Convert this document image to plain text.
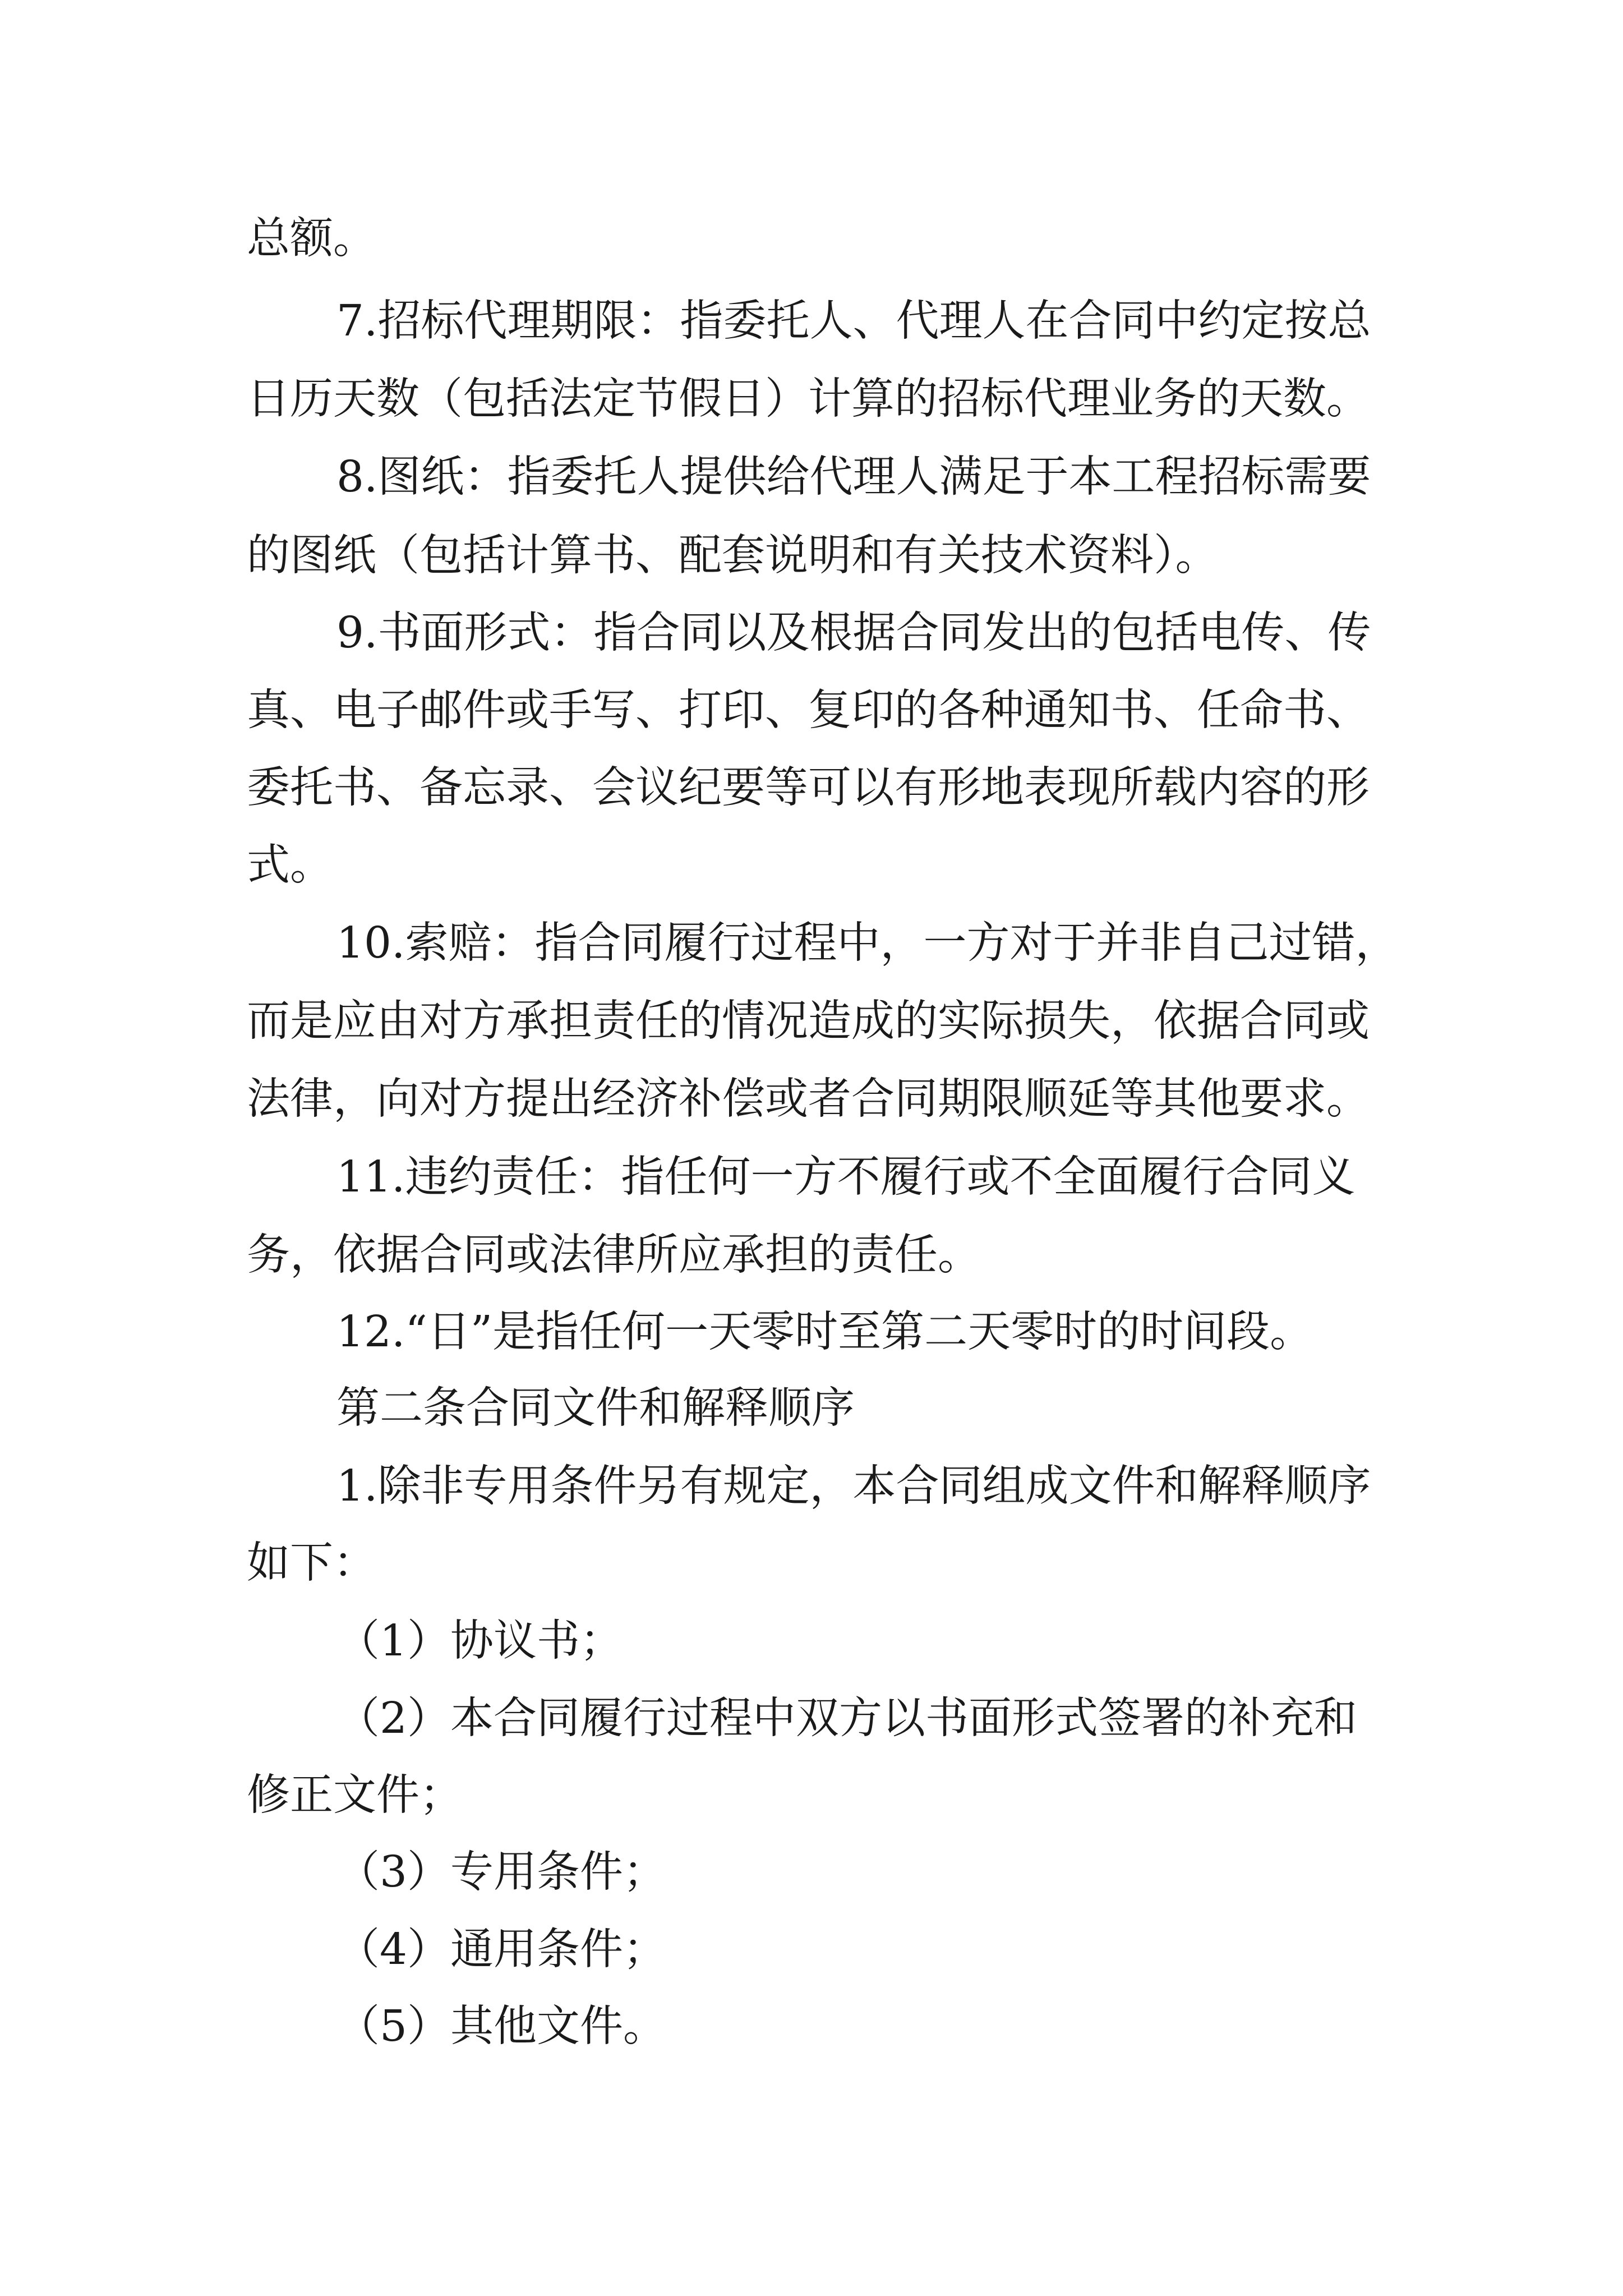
总额。
7.招标代理期限：指委托人、代理人在合同中约定按总
日历天数（包括法定节假日）计算的招标代理业务的天数。
8.图纸：指委托人提供给代理人满足于本工程招标需要
的图纸（包括计算书、配套说明和有关技术资料）。
9.书面形式：指合同以及根据合同发出的包括电传、传
真、电子邮件或手写、打印、复印的各种通知书、任命书、
委托书、备忘录、会议纪要等可以有形地表现所载内容的形
式。
10.索赔：指合同履行过程中，一方对于并非自己过错，
而是应由对方承担责任的情况造成的实际损失，依据合同或
法律，向对方提出经济补偿或者合同期限顺延等其他要求。
11.违约责任：指任何一方不履行或不全面履行合同义
务，依据合同或法律所应承担的责任。
12.“日”是指任何一天零时至第二天零时的时间段。
第二条合同文件和解释顺序
1.除非专用条件另有规定，本合同组成文件和解释顺序
如下：
（1）协议书；
（2）本合同履行过程中双方以书面形式签署的补充和
修正文件；
（3）专用条件；
（4）通用条件；
（5）其他文件。
